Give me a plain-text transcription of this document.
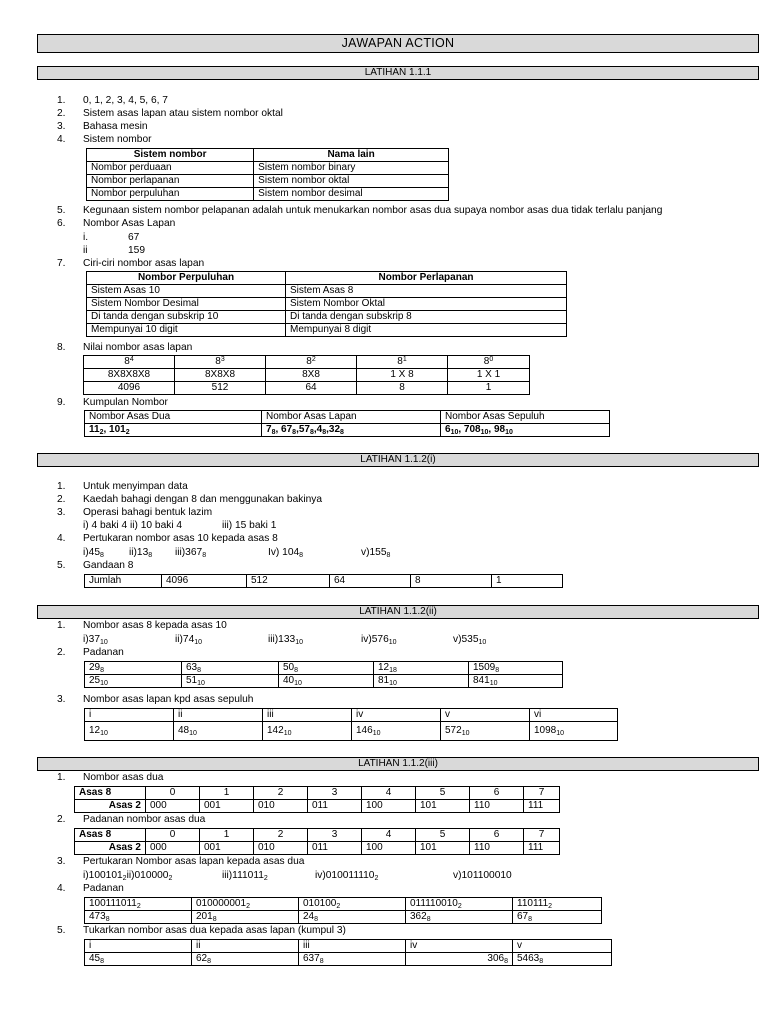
JAWAPAN ACTION
LATIHAN 1.1.1
1. 0, 1, 2, 3, 4, 5, 6, 7
2. Sistem asas lapan atau sistem nombor oktal
3. Bahasa mesin
4. Sistem nombor
Sistem nombor	Nama lain
Nombor perduaan	Sistem nombor binary
Nombor perlapanan	Sistem nombor oktal
Nombor perpuluhan	Sistem nombor desimal
5. Kegunaan sistem nombor pelapanan adalah untuk menukarkan nombor asas dua supaya nombor asas dua tidak terlalu panjang
6. Nombor Asas Lapan
i.	67
ii	159
7. Ciri-ciri nombor asas lapan
Nombor Perpuluhan	Nombor Perlapanan
Sistem Asas 10	Sistem Asas 8
Sistem Nombor Desimal	Sistem Nombor Oktal
Di tanda dengan subskrip 10	Di tanda dengan subskrip 8
Mempunyai 10 digit	Mempunyai 8 digit
8. Nilai nombor asas lapan
$8^4$	$8^3$	$8^2$	$8^1$	$8^0$
8X8X8X8	8X8X8	8X8	1 X 8	1 X 1
4096	512	64	8	1
9. Kumpulan Nombor
Nombor Asas Dua	Nombor Asas Lapan	Nombor Asas Sepuluh
$11_2$, $101_2$	$7_8$, $67_8,57_8,4_8,32_8$	$6_{10}$, $708_{10}$, $98_{10}$
LATIHAN 1.1.2(i)
1. Untuk menyimpan data
2. Kaedah bahagi dengan 8 dan menggunakan bakinya
3. Operasi bahagi bentuk lazim
i) 4 baki 4 ii) 10 baki 4	iii) 15 baki 1
4. Pertukaran nombor asas 10 kepada asas 8
$i)45_8$ $ii)13_8$ $iii)367_8$	Iv) $104_8$	$v)155_8$
5. Gandaan 8
Jumlah	4096	512	64	8	1
LATIHAN 1.1.2(ii)
1. Nombor asas 8 kepada asas 10
$i)37_{10}$	$ii)74_{10}$	$iii)133_{10}$	$iv)576_{10}$	$v)535_{10}$
2. Padanan
$29_8$	$63_8$	$50_8$	$12_{18}$	$1509_8$
$25_{10}$	$51_{10}$	$40_{10}$	$81_{10}$	$841_{10}$
3. Nombor asas lapan kpd asas sepuluh
i	ii	iii	iv	v	vi
$12_{10}$	$48_{10}$	$142_{10}$	$146_{10}$	$572_{10}$	$1098_{10}$
LATIHAN 1.1.2(iii)
1. Nombor asas dua
Asas 8	0	1	2	3	4	5	6	7
Asas 2	000	001	010	011	100	101	110	111
2. Padanan nombor asas dua
Asas 8	0	1	2	3	4	5	6	7
Asas 2	000	001	010	011	100	101	110	111
3. Pertukaran Nombor asas lapan kepada asas dua
$i)100101_2ii)010000_2$	$iii)111011_2$	$iv)010011110_2$	v)101100010
4. Padanan
$100111011_2$	$010000001_2$	$010100_2$	$011110010_2$	$110111_2$
$473_8$	$201_8$	$24_8$	$362_8$	$67_8$
5. Tukarkan nombor asas dua kepada asas lapan (kumpul 3)
i	ii	iii	iv	v
$45_8$	$62_8$	$637_8$	$306_8$	$5463_8$
